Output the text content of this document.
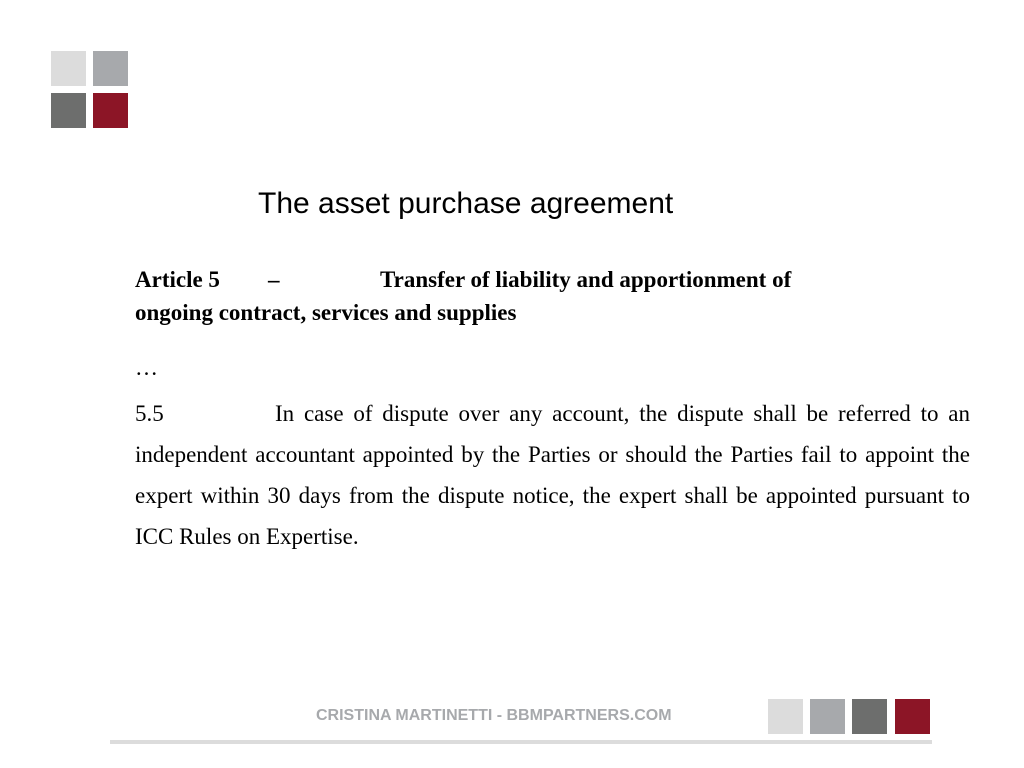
The asset purchase agreement
Article 5 –	Transfer of liability and apportionment of
ongoing contract, services and supplies
…
5.5	In case of dispute over any account, the dispute shall be referred to an independent accountant appointed by the Parties or should the Parties fail to appoint the expert within 30 days from the dispute notice, the expert shall be appointed pursuant to ICC Rules on Expertise.
CRISTINA MARTINETTI - BBMPARTNERS.COM
